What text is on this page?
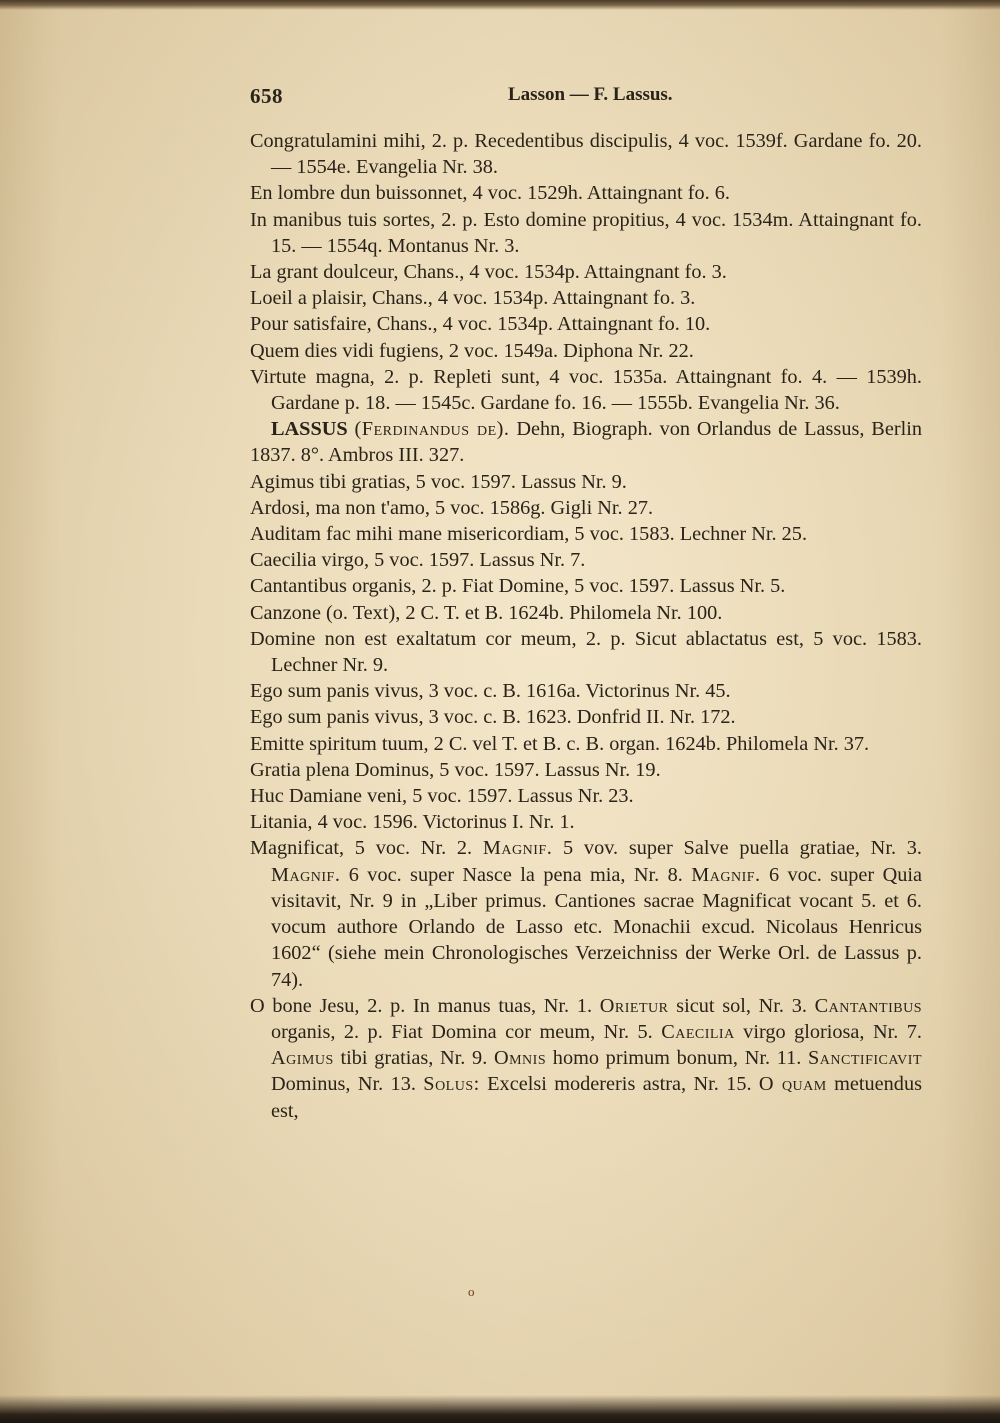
658	Lasson — F. Lassus.
Congratulamini mihi, 2. p. Recedentibus discipulis, 4 voc. 1539f. Gardane fo. 20. — 1554e. Evangelia Nr. 38.
En lombre dun buissonnet, 4 voc. 1529h. Attaingnant fo. 6.
In manibus tuis sortes, 2. p. Esto domine propitius, 4 voc. 1534m. Attaingnant fo. 15. — 1554q. Montanus Nr. 3.
La grant doulceur, Chans., 4 voc. 1534p. Attaingnant fo. 3.
Loeil a plaisir, Chans., 4 voc. 1534p. Attaingnant fo. 3.
Pour satisfaire, Chans., 4 voc. 1534p. Attaingnant fo. 10.
Quem dies vidi fugiens, 2 voc. 1549a. Diphona Nr. 22.
Virtute magna, 2. p. Repleti sunt, 4 voc. 1535a. Attaingnant fo. 4. — 1539h. Gardane p. 18. — 1545c. Gardane fo. 16. — 1555b. Evangelia Nr. 36.
LASSUS (Ferdinandus de). Dehn, Biograph. von Orlandus de Lassus, Berlin 1837. 8°. Ambros III. 327.
Agimus tibi gratias, 5 voc. 1597. Lassus Nr. 9.
Ardosi, ma non t'amo, 5 voc. 1586g. Gigli Nr. 27.
Auditam fac mihi mane misericordiam, 5 voc. 1583. Lechner Nr. 25.
Caecilia virgo, 5 voc. 1597. Lassus Nr. 7.
Cantantibus organis, 2. p. Fiat Domine, 5 voc. 1597. Lassus Nr. 5.
Canzone (o. Text), 2 C. T. et B. 1624b. Philomela Nr. 100.
Domine non est exaltatum cor meum, 2. p. Sicut ablactatus est, 5 voc. 1583. Lechner Nr. 9.
Ego sum panis vivus, 3 voc. c. B. 1616a. Victorinus Nr. 45.
Ego sum panis vivus, 3 voc. c. B. 1623. Donfrid II. Nr. 172.
Emitte spiritum tuum, 2 C. vel T. et B. c. B. organ. 1624b. Philomela Nr. 37.
Gratia plena Dominus, 5 voc. 1597. Lassus Nr. 19.
Huc Damiane veni, 5 voc. 1597. Lassus Nr. 23.
Litania, 4 voc. 1596. Victorinus I. Nr. 1.
Magnificat, 5 voc. Nr. 2. Magnif. 5 vov. super Salve puella gratiae, Nr. 3. Magnif. 6 voc. super Nasce la pena mia, Nr. 8. Magnif. 6 voc. super Quia visitavit, Nr. 9 in „Liber primus. Cantiones sacrae Magnificat vocant 5. et 6. vocum authore Orlando de Lasso etc. Monachii excud. Nicolaus Henricus 1602“ (siehe mein Chronologisches Verzeichniss der Werke Orl. de Lassus p. 74).
O bone Jesu, 2. p. In manus tuas, Nr. 1. Orietur sicut sol, Nr. 3. Cantantibus organis, 2. p. Fiat Domina cor meum, Nr. 5. Caecilia virgo gloriosa, Nr. 7. Agimus tibi gratias, Nr. 9. Omnis homo primum bonum, Nr. 11. Sanctificavit Dominus, Nr. 13. Solus: Excelsi modereris astra, Nr. 15. O quam metuendus est,
o
